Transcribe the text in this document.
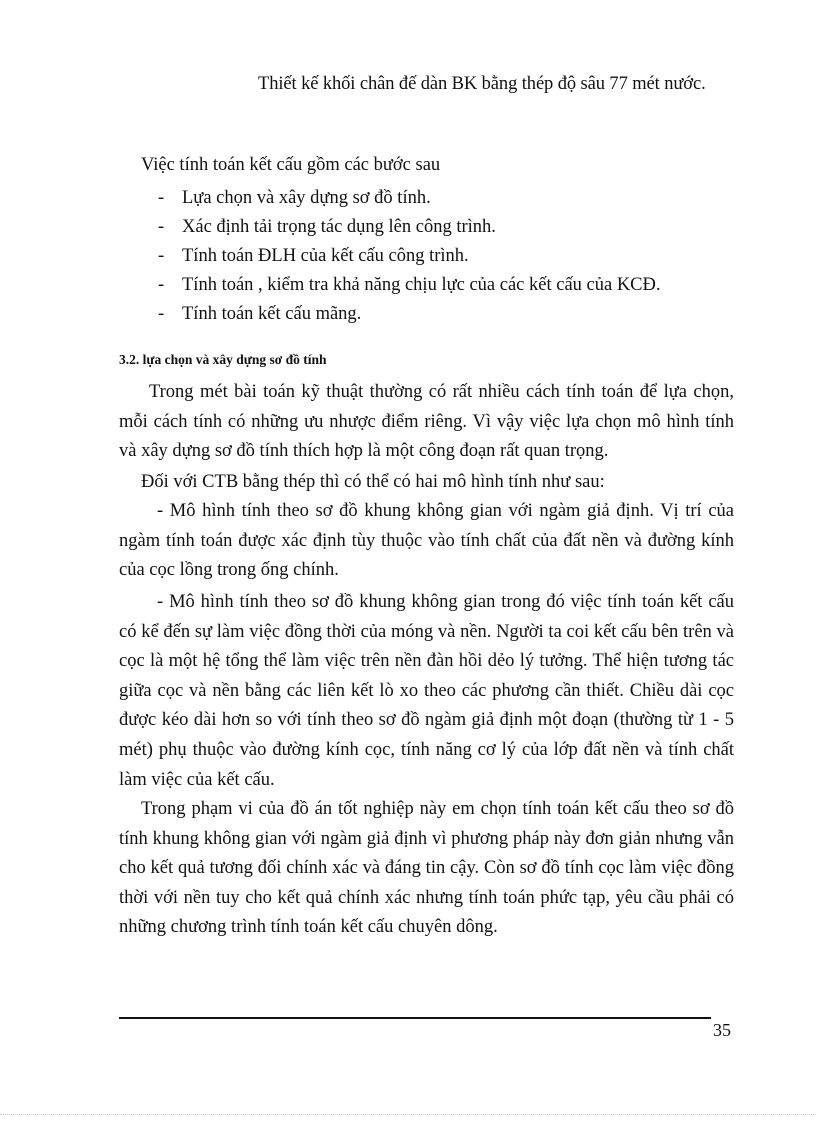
Thiết kế khối chân đế dàn BK bằng thép độ sâu 77 mét nước.
Việc tính toán kết cấu gồm các bước sau
- Lựa chọn và xây dựng sơ đồ tính.
- Xác định tải trọng tác dụng lên công trình.
- Tính toán ĐLH của kết cấu công trình.
- Tính toán , kiểm tra khả năng chịu lực của các kết cấu của KCĐ.
- Tính toán kết cấu mãng.
3.2. lựa chọn và xây dựng sơ đồ tính

Trong mét bài toán kỹ thuật thường có rất nhiều cách tính toán để lựa chọn, mỗi cách tính có những ưu nhược điểm riêng. Vì vậy việc lựa chọn mô hình tính và xây dựng sơ đồ tính thích hợp là một công đoạn rất quan trọng.

Đối với CTB bằng thép thì có thể có hai mô hình tính như sau:

- Mô hình tính theo sơ đồ khung không gian với ngàm giả định. Vị trí của ngàm tính toán được xác định tùy thuộc vào tính chất của đất nền và đường kính của cọc lồng trong ống chính.

- Mô hình tính theo sơ đồ khung không gian trong đó việc tính toán kết cấu có kể đến sự làm việc đồng thời của móng và nền. Người ta coi kết cấu bên trên và cọc là một hệ tổng thể làm việc trên nền đàn hồi dẻo lý tưởng. Thể hiện tương tác giữa cọc và nền bằng các liên kết lò xo theo các phương cần thiết. Chiều dài cọc được kéo dài hơn so với tính theo sơ đồ ngàm giả định một đoạn (thường từ 1 - 5 mét) phụ thuộc vào đường kính cọc, tính năng cơ lý của lớp đất nền và tính chất làm việc của kết cấu.

Trong phạm vi của đồ án tốt nghiệp này em chọn tính toán kết cấu theo sơ đồ tính khung không gian với ngàm giả định vì phương pháp này đơn giản nhưng vẫn cho kết quả tương đối chính xác và đáng tin cậy. Còn sơ đồ tính cọc làm việc đồng thời với nền tuy cho kết quả chính xác nhưng tính toán phức tạp, yêu cầu phải có những chương trình tính toán kết cấu chuyên dông.

35
